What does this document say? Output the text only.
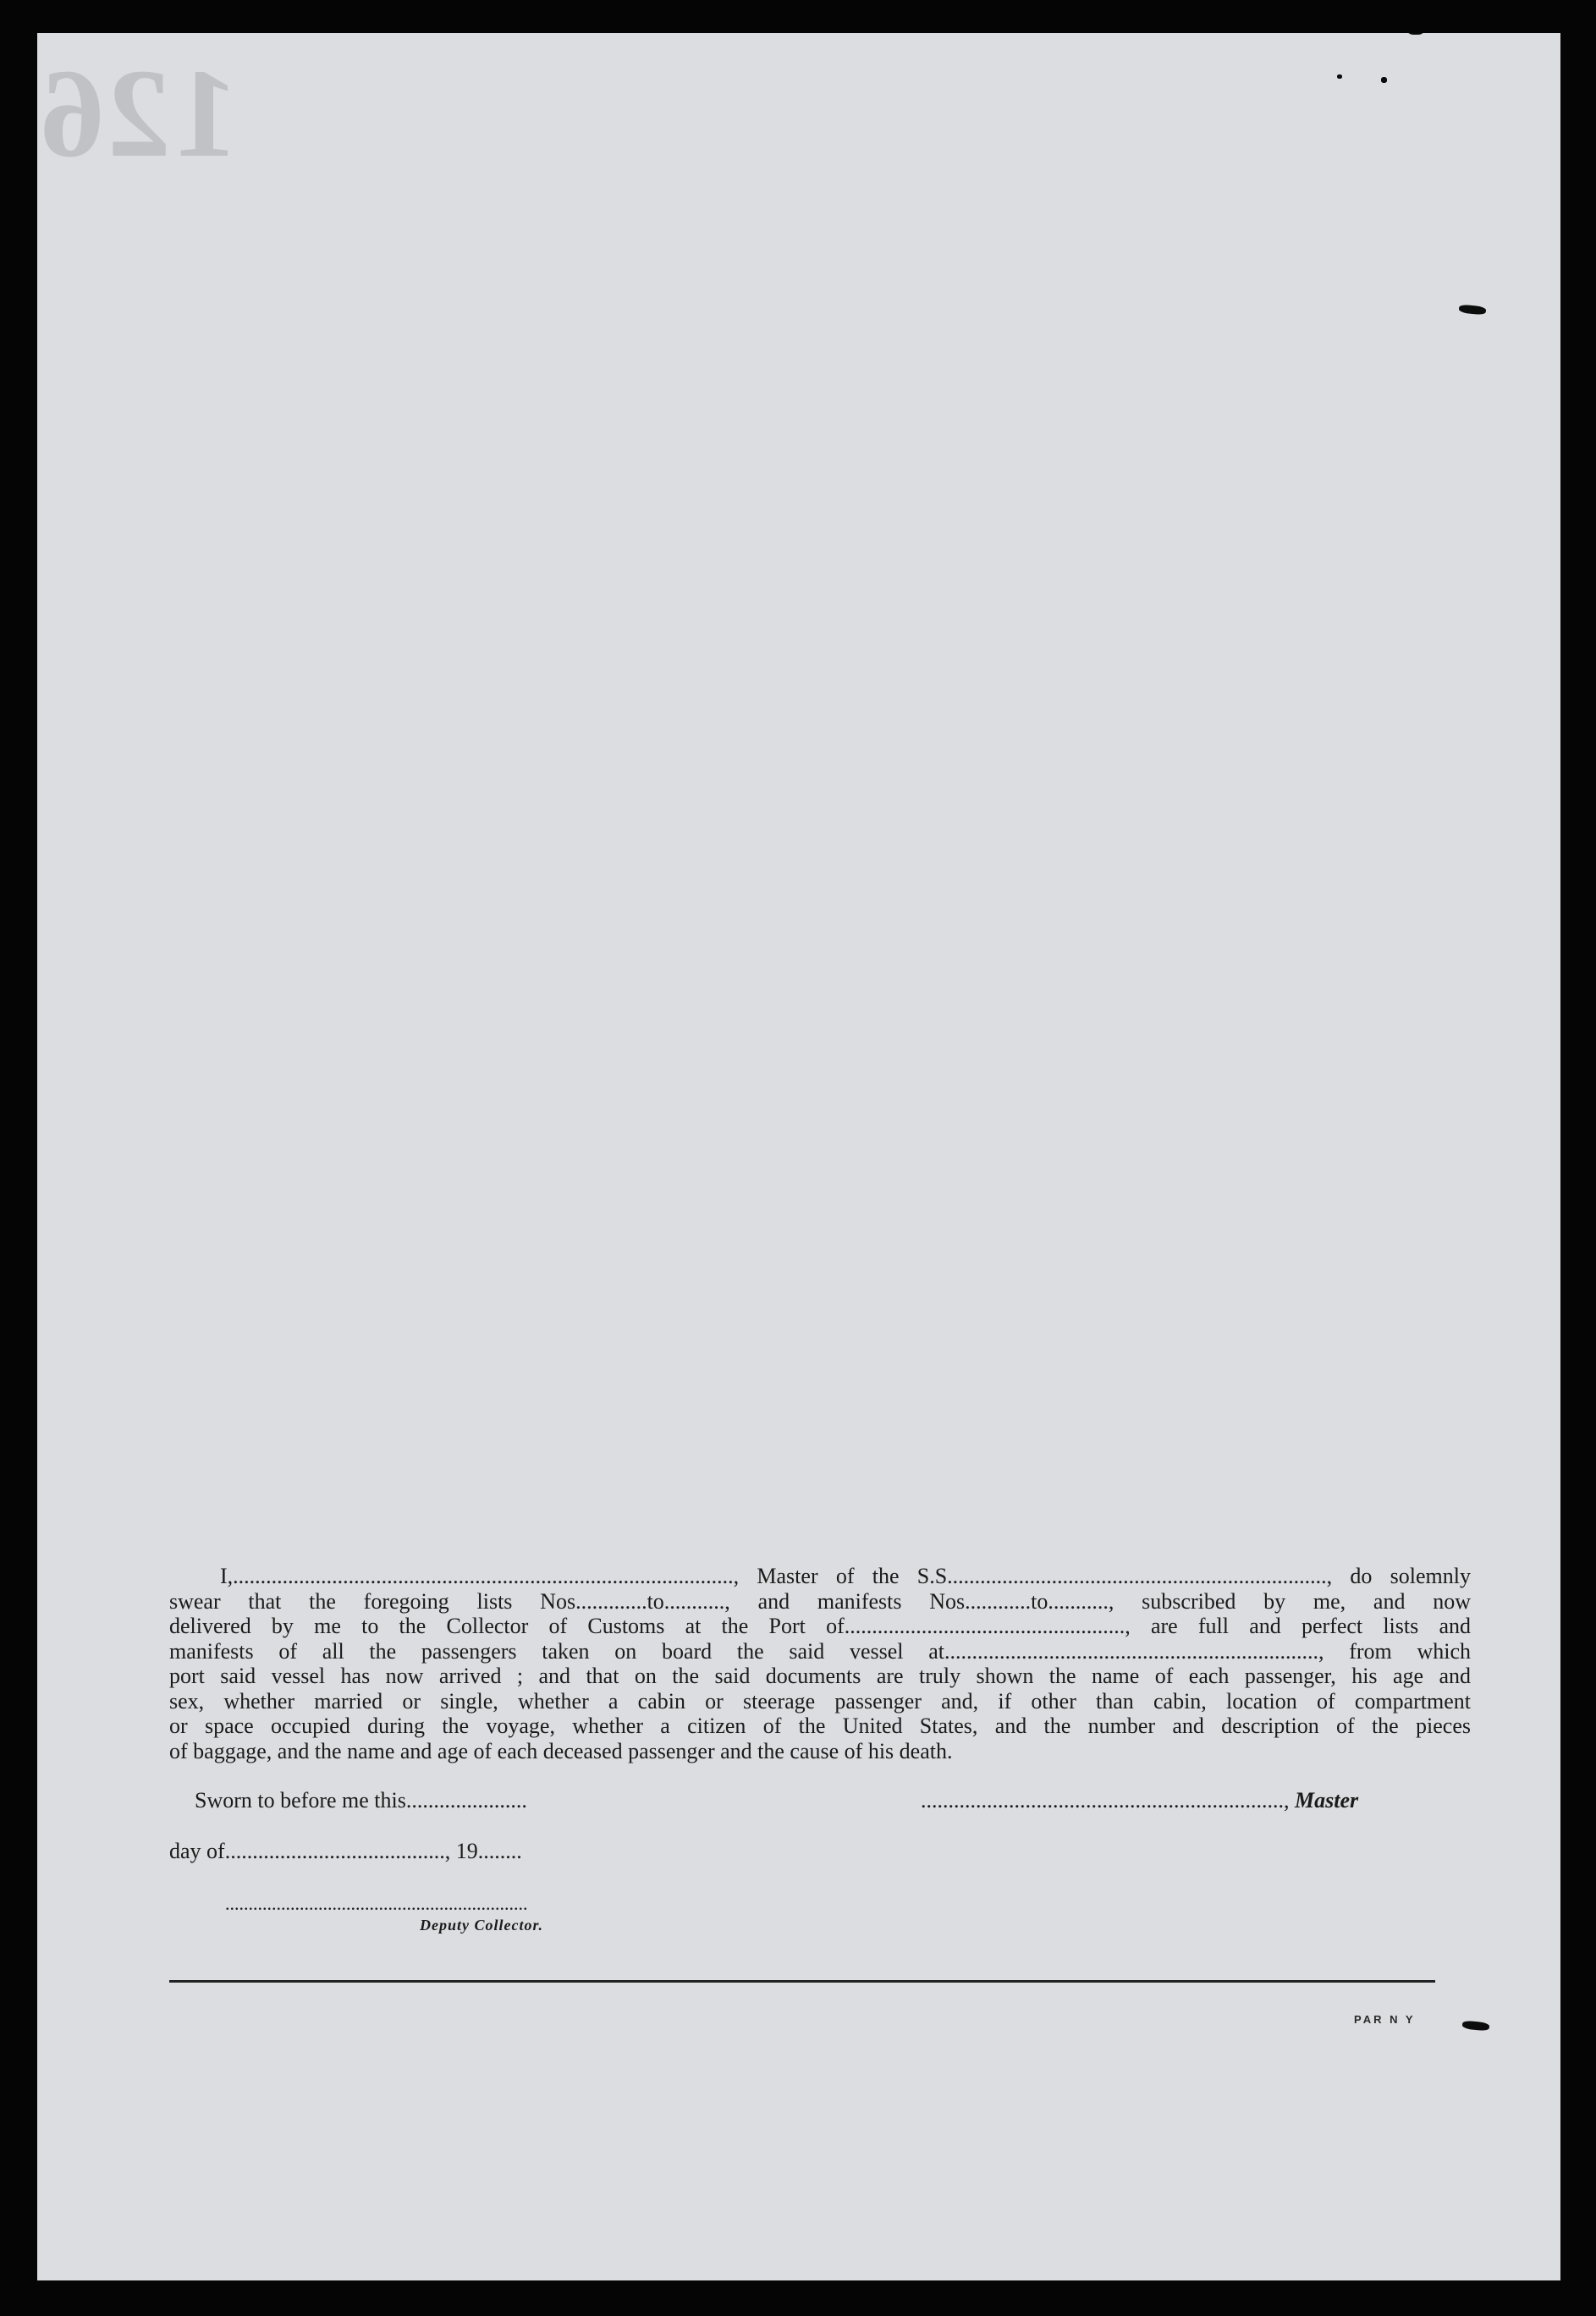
126
I,..........................................................................................., Master of the S.S....................................................................., do solemnly
swear that the foregoing lists Nos.............to..........., and manifests Nos............to..........., subscribed by me, and now
delivered by me to the Collector of Customs at the Port of..................................................., are full and perfect lists and
manifests of all the passengers taken on board the said vessel at...................................................................., from which
port said vessel has now arrived ; and that on the said documents are truly shown the name of each passenger, his age and
sex, whether married or single, whether a cabin or steerage passenger and, if other than cabin, location of compartment
or space occupied during the voyage, whether a citizen of the United States, and the number and description of the pieces
of baggage, and the name and age of each deceased passenger and the cause of his death.
Sworn to before me this......................	.................................................................., Master
day of........................................, 19........
.................................................................
Deputy Collector.
PAR N Y
